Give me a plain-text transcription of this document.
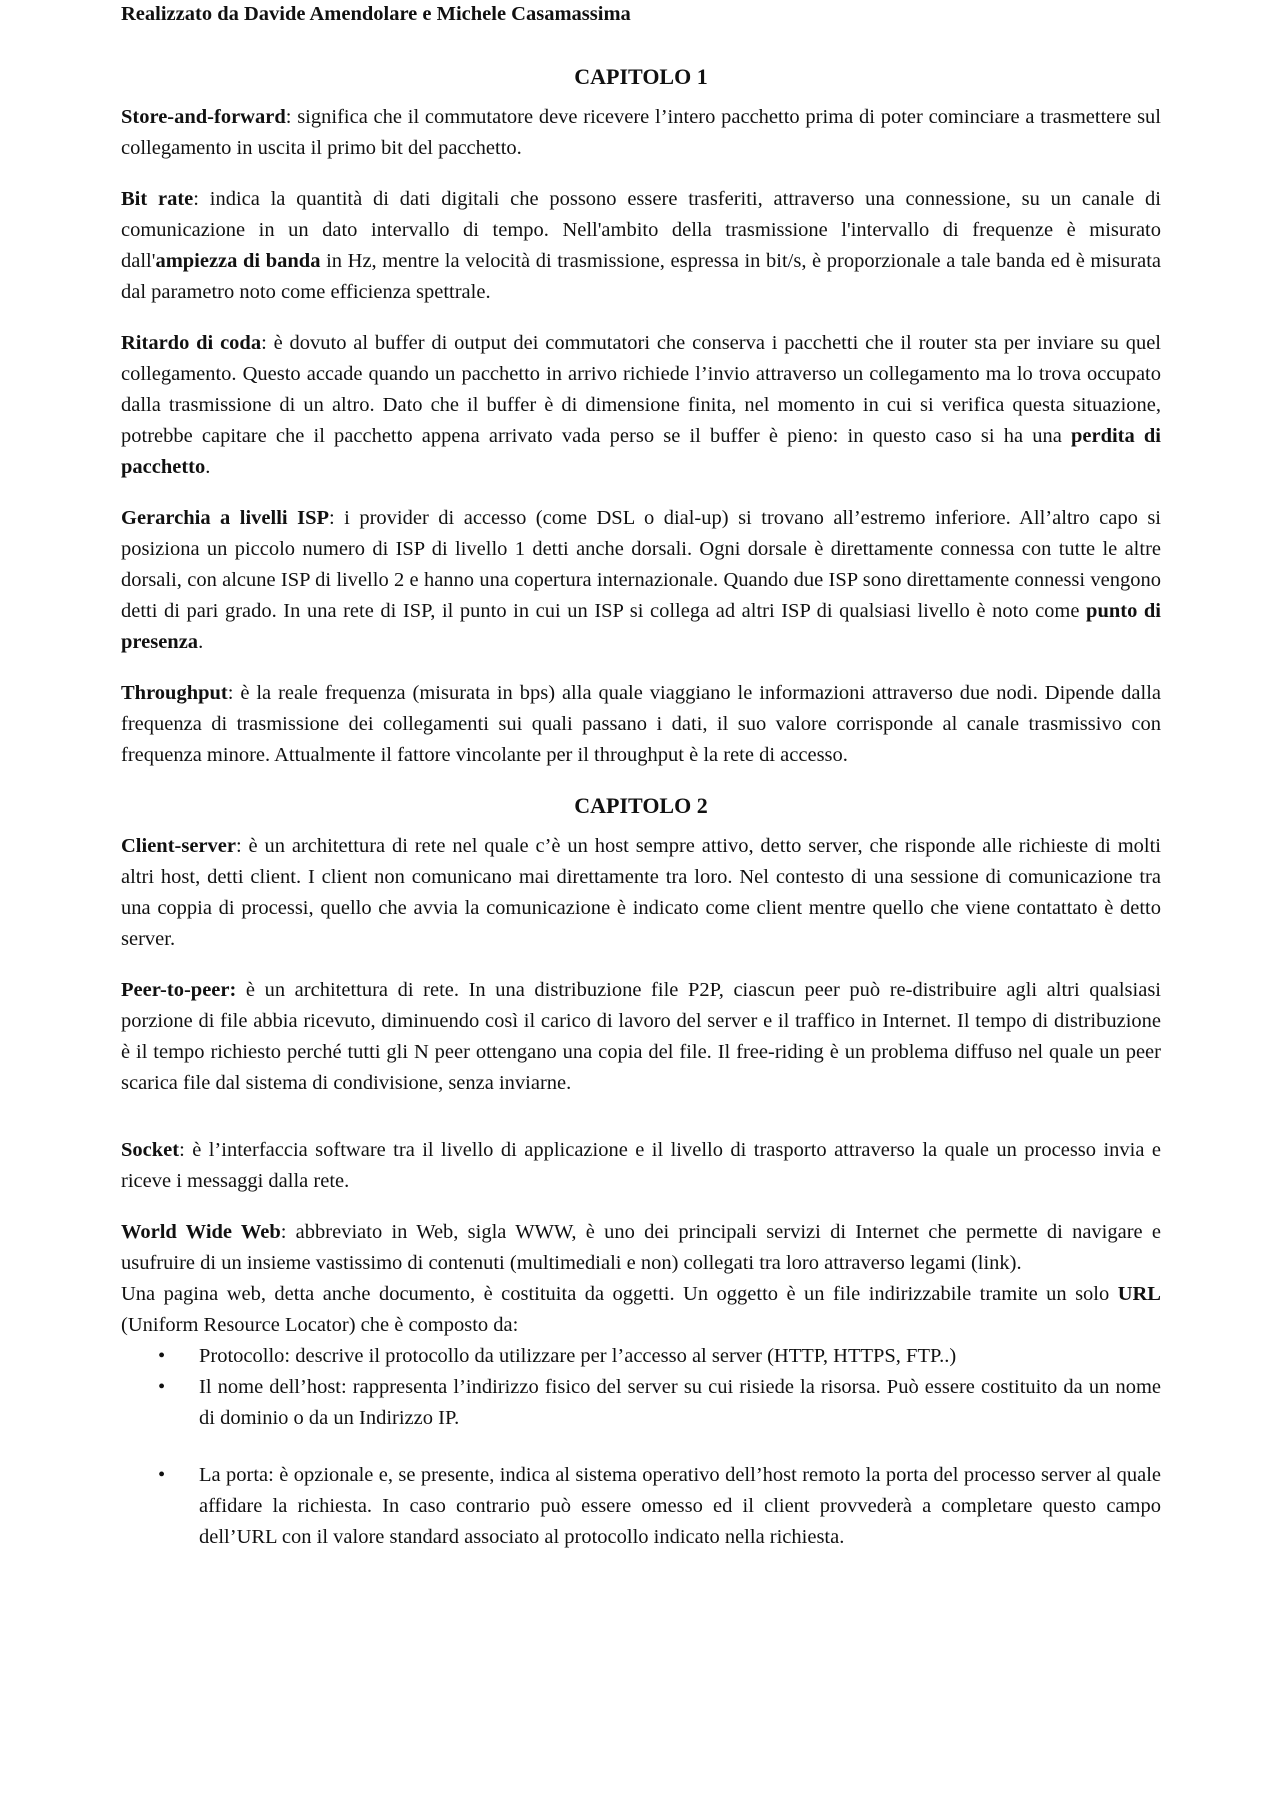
Realizzato da Davide Amendolare e Michele Casamassima
CAPITOLO 1

Store-and-forward: significa che il commutatore deve ricevere l’intero pacchetto prima di poter cominciare a trasmettere sul collegamento in uscita il primo bit del pacchetto.

Bit rate: indica la quantità di dati digitali che possono essere trasferiti, attraverso una connessione, su un canale di comunicazione in un dato intervallo di tempo. Nell'ambito della trasmissione l'intervallo di frequenze è misurato dall'ampiezza di banda in Hz, mentre la velocità di trasmissione, espressa in bit/s, è proporzionale a tale banda ed è misurata dal parametro noto come efficienza spettrale.

Ritardo di coda: è dovuto al buffer di output dei commutatori che conserva i pacchetti che il router sta per inviare su quel collegamento. Questo accade quando un pacchetto in arrivo richiede l’invio attraverso un collegamento ma lo trova occupato dalla trasmissione di un altro. Dato che il buffer è di dimensione finita, nel momento in cui si verifica questa situazione, potrebbe capitare che il pacchetto appena arrivato vada perso se il buffer è pieno: in questo caso si ha una perdita di pacchetto.

Gerarchia a livelli ISP: i provider di accesso (come DSL o dial-up) si trovano all’estremo inferiore. All’altro capo si posiziona un piccolo numero di ISP di livello 1 detti anche dorsali. Ogni dorsale è direttamente connessa con tutte le altre dorsali, con alcune ISP di livello 2 e hanno una copertura internazionale. Quando due ISP sono direttamente connessi vengono detti di pari grado. In una rete di ISP, il punto in cui un ISP si collega ad altri ISP di qualsiasi livello è noto come punto di presenza.

Throughput: è la reale frequenza (misurata in bps) alla quale viaggiano le informazioni attraverso due nodi. Dipende dalla frequenza di trasmissione dei collegamenti sui quali passano i dati, il suo valore corrisponde al canale trasmissivo con frequenza minore. Attualmente il fattore vincolante per il throughput è la rete di accesso.

CAPITOLO 2

Client-server: è un architettura di rete nel quale c’è un host sempre attivo, detto server, che risponde alle richieste di molti altri host, detti client. I client non comunicano mai direttamente tra loro. Nel contesto di una sessione di comunicazione tra una coppia di processi, quello che avvia la comunicazione è indicato come client mentre quello che viene contattato è detto server.

Peer-to-peer: è un architettura di rete. In una distribuzione file P2P, ciascun peer può re-distribuire agli altri qualsiasi porzione di file abbia ricevuto, diminuendo così il carico di lavoro del server e il traffico in Internet. Il tempo di distribuzione è il tempo richiesto perché tutti gli N peer ottengano una copia del file. Il free-riding è un problema diffuso nel quale un peer scarica file dal sistema di condivisione, senza inviarne.

Socket: è l’interfaccia software tra il livello di applicazione e il livello di trasporto attraverso la quale un processo invia e riceve i messaggi dalla rete.

World Wide Web: abbreviato in Web, sigla WWW, è uno dei principali servizi di Internet che permette di navigare e usufruire di un insieme vastissimo di contenuti (multimediali e non) collegati tra loro attraverso legami (link).

Una pagina web, detta anche documento, è costituita da oggetti. Un oggetto è un file indirizzabile tramite un solo URL (Uniform Resource Locator) che è composto da:

• Protocollo: descrive il protocollo da utilizzare per l’accesso al server (HTTP, HTTPS, FTP..)
• Il nome dell’host: rappresenta l’indirizzo fisico del server su cui risiede la risorsa. Può essere costituito da un nome di dominio o da un Indirizzo IP.
• La porta: è opzionale e, se presente, indica al sistema operativo dell’host remoto la porta del processo server al quale affidare la richiesta. In caso contrario può essere omesso ed il client provvederà a completare questo campo dell’URL con il valore standard associato al protocollo indicato nella richiesta.
